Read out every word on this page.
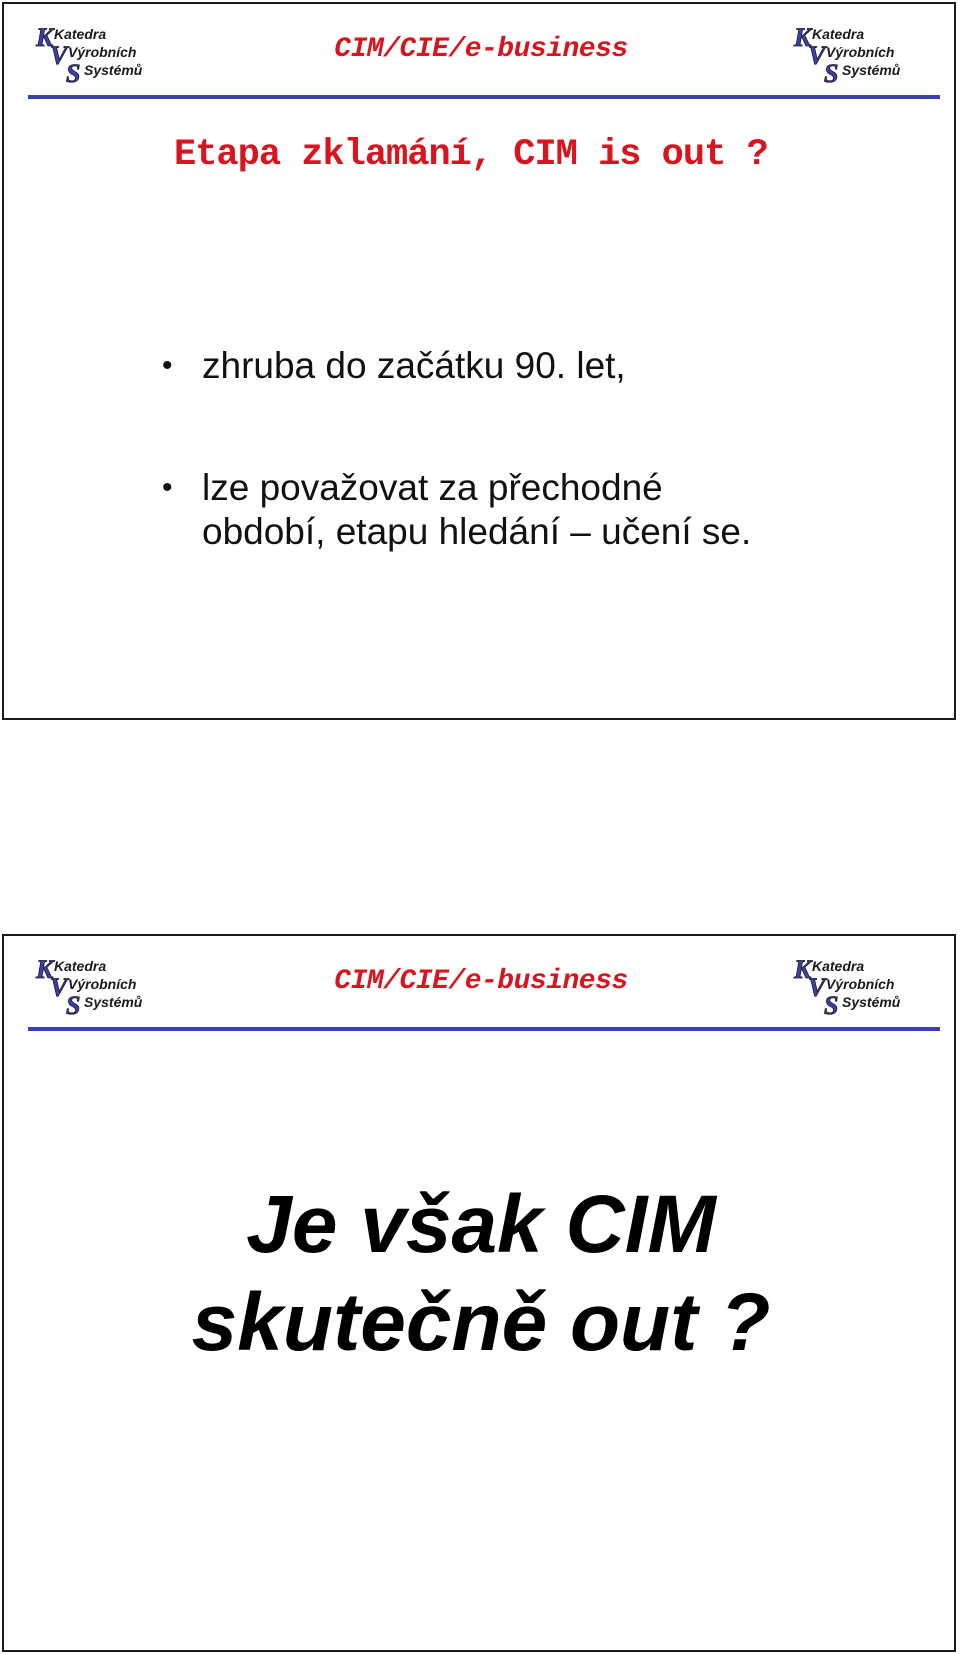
K Katedra
V Výrobních
S Systémů
CIM/CIE/e-business	K Katedra
V Výrobních
S Systémů
Etapa zklamání, CIM is out ?
• zhruba do začátku 90. let,
• lze považovat za přechodné
období, etapu hledání – učení se.
K Katedra
V Výrobních
S Systémů
CIM/CIE/e-business	K Katedra
V Výrobních
S Systémů
Je však CIM
skutečně out ?
